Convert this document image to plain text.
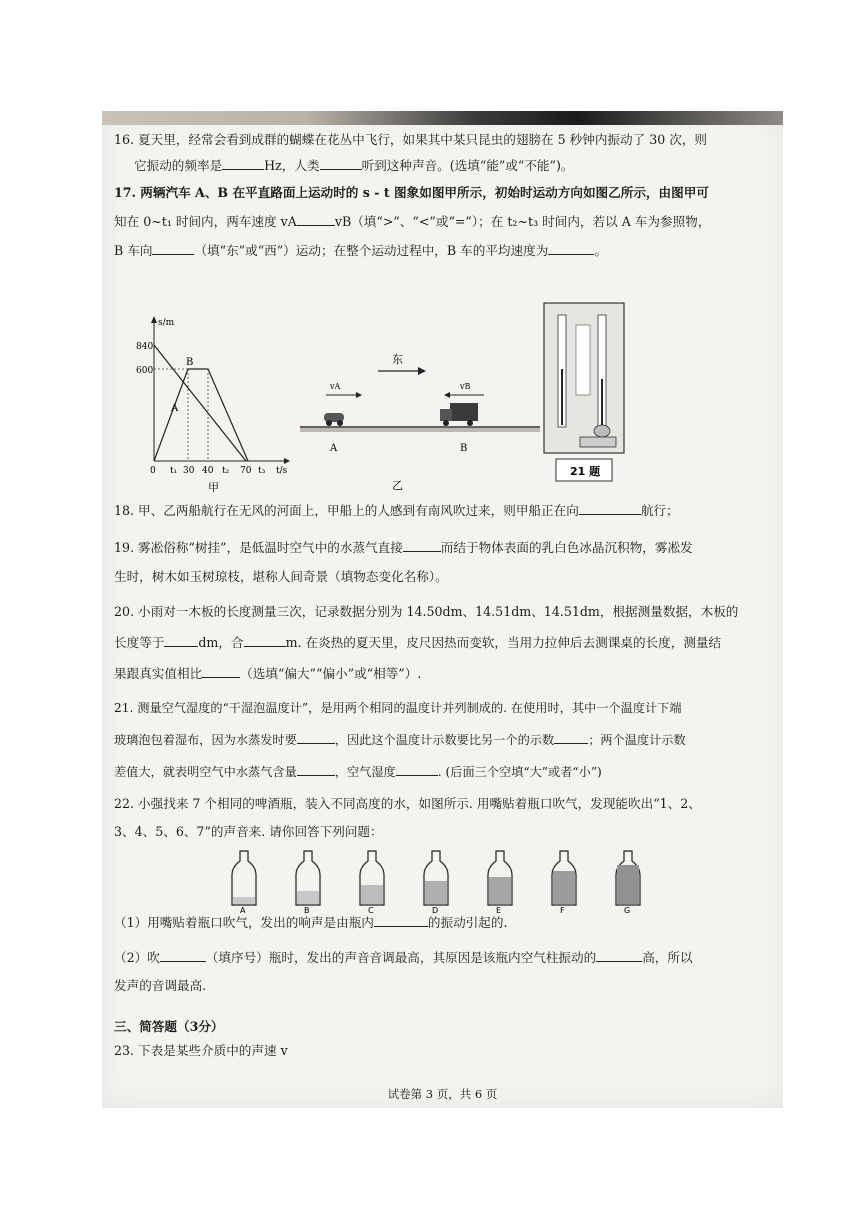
16. 夏天里，经常会看到成群的蝴蝶在花丛中飞行，如果其中某只昆虫的翅膀在 5 秒钟内振动了 30 次，则
它振动的频率是	Hz，人类	听到这种声音。(选填“能”或“不能”)。
17. 两辆汽车 A、B 在平直路面上运动时的 s - t 图象如图甲所示，初始时运动方向如图乙所示，由图甲可
知在 0~t₁ 时间内，两车速度 vA	vB（填“>”、“<”或“=”）；在 t₂~t₃ 时间内，若以 A 车为参照物，
B 车向	（填“东”或“西”）运动；在整个运动过程中，B 车的平均速度为	。
s/m
840
600
A
B
0 t₁ 30 40 t₂ 70 t₃ t/s
甲
东
vA	vB
A	B
乙
21 题
18. 甲、乙两船航行在无风的河面上，甲船上的人感到有南风吹过来，则甲船正在向	航行；
19. 雾凇俗称“树挂”，是低温时空气中的水蒸气直接	而结于物体表面的乳白色冰晶沉积物，雾凇发
生时，树木如玉树琼枝，堪称人间奇景（填物态变化名称）。
20. 小雨对一木板的长度测量三次，记录数据分别为 14.50dm、14.51dm、14.51dm，根据测量数据，木板的
长度等于	dm，合	m. 在炎热的夏天里，皮尺因热而变软，当用力拉伸后去测课桌的长度，测量结
果跟真实值相比	（选填“偏大”“偏小”或“相等”）.
21. 测量空气湿度的“干湿泡温度计”，是用两个相同的温度计并列制成的. 在使用时，其中一个温度计下端
玻璃泡包着湿布，因为水蒸发时要	，因此这个温度计示数要比另一个的示数	；两个温度计示数
差值大，就表明空气中水蒸气含量	，空气湿度	. (后面三个空填“大”或者“小”)
22. 小强找来 7 个相同的啤酒瓶，装入不同高度的水，如图所示. 用嘴贴着瓶口吹气，发现能吹出“1、2、
3、4、5、6、7”的声音来. 请你回答下列问题：
A	B	C	D	E	F	G
（1）用嘴贴着瓶口吹气，发出的响声是由瓶内	的振动引起的.
（2）吹	（填序号）瓶时，发出的声音音调最高，其原因是该瓶内空气柱振动的	高，所以
发声的音调最高.
三、简答题（3分）
23. 下表是某些介质中的声速 v
试卷第 3 页，共 6 页
